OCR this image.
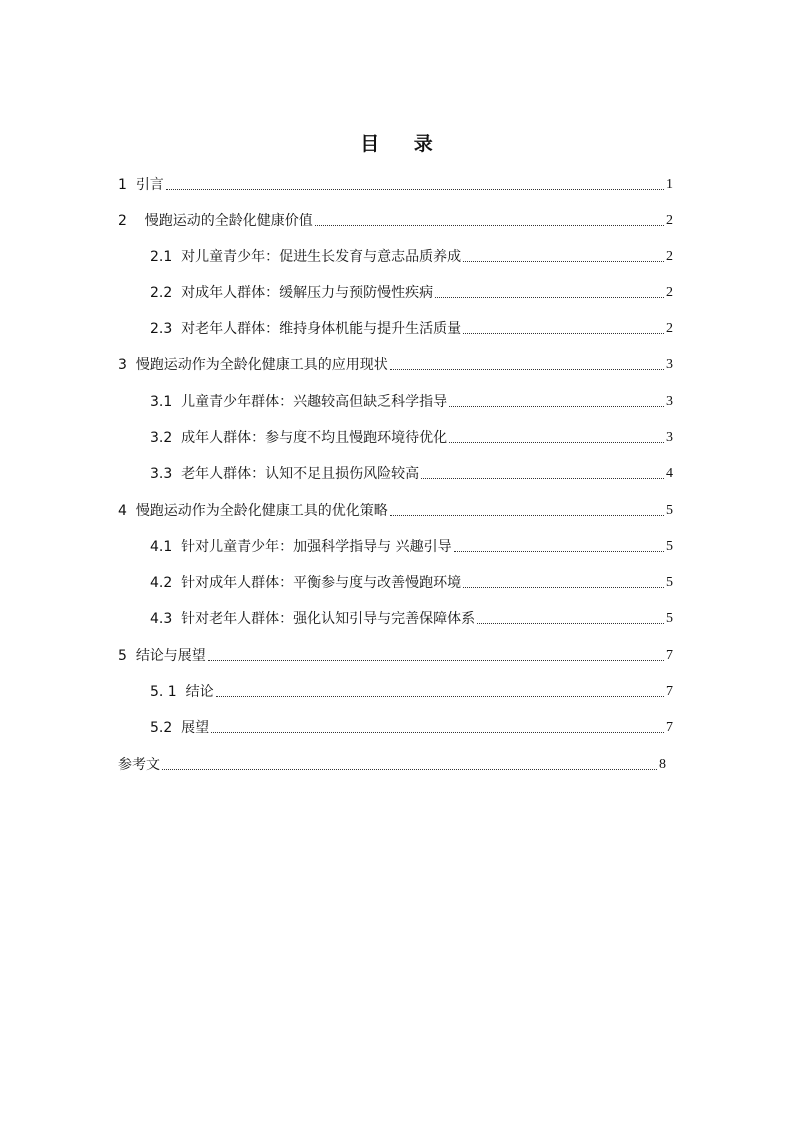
目 录
1 引言	1
2 慢跑运动的全龄化健康价值	2
2.1 对儿童青少年：促进生长发育与意志品质养成	2
2.2 对成年人群体：缓解压力与预防慢性疾病	2
2.3 对老年人群体：维持身体机能与提升生活质量	2
3 慢跑运动作为全龄化健康工具的应用现状	3
3.1 儿童青少年群体：兴趣较高但缺乏科学指导	3
3.2 成年人群体：参与度不均且慢跑环境待优化	3
3.3 老年人群体：认知不足且损伤风险较高	4
4 慢跑运动作为全龄化健康工具的优化策略	5
4.1 针对儿童青少年：加强科学指导与 兴趣引导	5
4.2 针对成年人群体：平衡参与度与改善慢跑环境	5
4.3 针对老年人群体：强化认知引导与完善保障体系	5
5 结论与展望	7
5. 1 结论	7
5.2 展望	7
参考文	8
